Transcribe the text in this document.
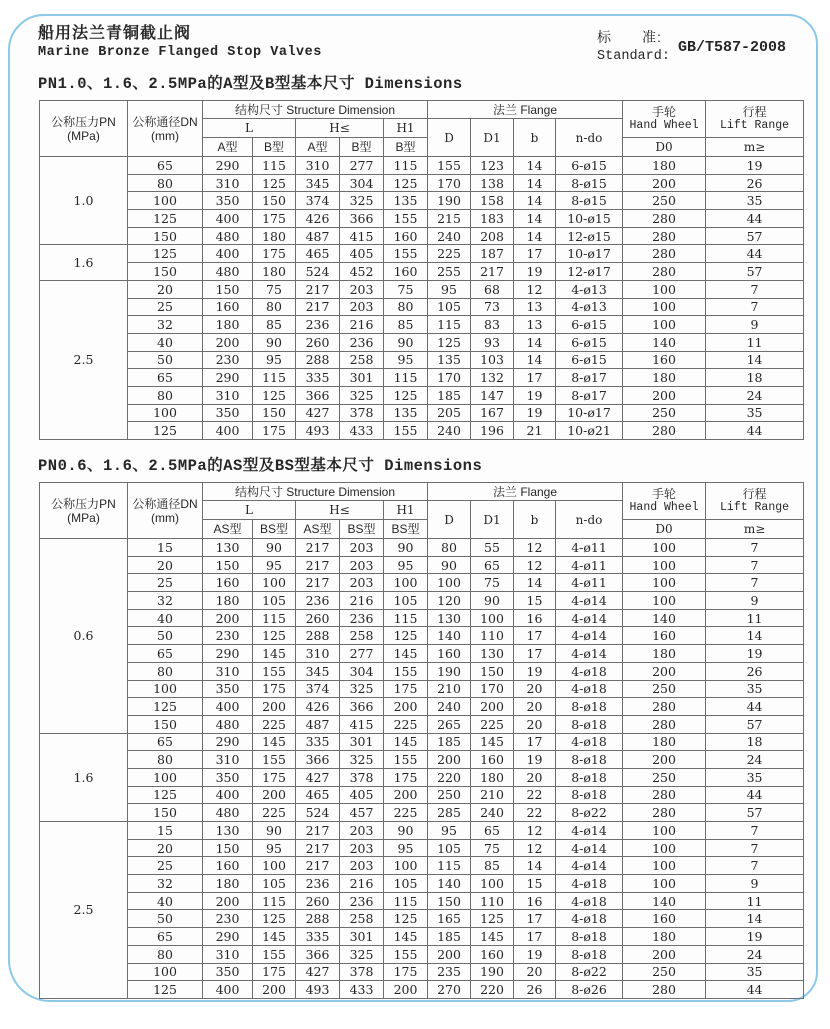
船用法兰青铜截止阀
Marine Bronze Flanged Stop Valves
标　　准:
Standard:
GB/T587-2008
PN1.0、1.6、2.5MPa的A型及B型基本尺寸 Dimensions
公称压力PN
(MPa)	公称通径DN
(mm)	结构尺寸 Structure Dimension					法兰 Flange				手轮
Hand Wheel	行程
Lift Range

		L		H≤		H1	D	D1	b	n-do		
		A型	B型	A型	B型	B型					D0	m≥
1.0	65	290	115	310	277	115	155	123	14	6-ø15	180	19
	80	310	125	345	304	125	170	138	14	8-ø15	200	26
	100	350	150	374	325	135	190	158	14	8-ø15	250	35
	125	400	175	426	366	155	215	183	14	10-ø15	280	44
	150	480	180	487	415	160	240	208	14	12-ø15	280	57
1.6	125	400	175	465	405	155	225	187	17	10-ø17	280	44
	150	480	180	524	452	160	255	217	19	12-ø17	280	57
2.5	20	150	75	217	203	75	95	68	12	4-ø13	100	7
	25	160	80	217	203	80	105	73	13	4-ø13	100	7
	32	180	85	236	216	85	115	83	13	6-ø15	100	9
	40	200	90	260	236	90	125	93	14	6-ø15	140	11
	50	230	95	288	258	95	135	103	14	6-ø15	160	14
	65	290	115	335	301	115	170	132	17	8-ø17	180	18
	80	310	125	366	325	125	185	147	19	8-ø17	200	24
	100	350	150	427	378	135	205	167	19	10-ø17	250	35
	125	400	175	493	433	155	240	196	21	10-ø21	280	44
PN0.6、1.6、2.5MPa的AS型及BS型基本尺寸 Dimensions
公称压力PN
(MPa)	公称通径DN
(mm)	结构尺寸 Structure Dimension					法兰 Flange				手轮
Hand Wheel	行程
Lift Range

		L		H≤		H1	D	D1	b	n-do		
		AS型	BS型	AS型	BS型	BS型					D0	m≥
0.6	15	130	90	217	203	90	80	55	12	4-ø11	100	7
	20	150	95	217	203	95	90	65	12	4-ø11	100	7
	25	160	100	217	203	100	100	75	14	4-ø11	100	7
	32	180	105	236	216	105	120	90	15	4-ø14	100	9
	40	200	115	260	236	115	130	100	16	4-ø14	140	11
	50	230	125	288	258	125	140	110	17	4-ø14	160	14
	65	290	145	310	277	145	160	130	17	4-ø14	180	19
	80	310	155	345	304	155	190	150	19	4-ø18	200	26
	100	350	175	374	325	175	210	170	20	4-ø18	250	35
	125	400	200	426	366	200	240	200	20	8-ø18	280	44
	150	480	225	487	415	225	265	225	20	8-ø18	280	57
1.6	65	290	145	335	301	145	185	145	17	4-ø18	180	18
	80	310	155	366	325	155	200	160	19	8-ø18	200	24
	100	350	175	427	378	175	220	180	20	8-ø18	250	35
	125	400	200	465	405	200	250	210	22	8-ø18	280	44
	150	480	225	524	457	225	285	240	22	8-ø22	280	57
2.5	15	130	90	217	203	90	95	65	12	4-ø14	100	7
	20	150	95	217	203	95	105	75	12	4-ø14	100	7
	25	160	100	217	203	100	115	85	14	4-ø14	100	7
	32	180	105	236	216	105	140	100	15	4-ø18	100	9
	40	200	115	260	236	115	150	110	16	4-ø18	140	11
	50	230	125	288	258	125	165	125	17	4-ø18	160	14
	65	290	145	335	301	145	185	145	17	8-ø18	180	19
	80	310	155	366	325	155	200	160	19	8-ø18	200	24
	100	350	175	427	378	175	235	190	20	8-ø22	250	35
	125	400	200	493	433	200	270	220	26	8-ø26	280	44
